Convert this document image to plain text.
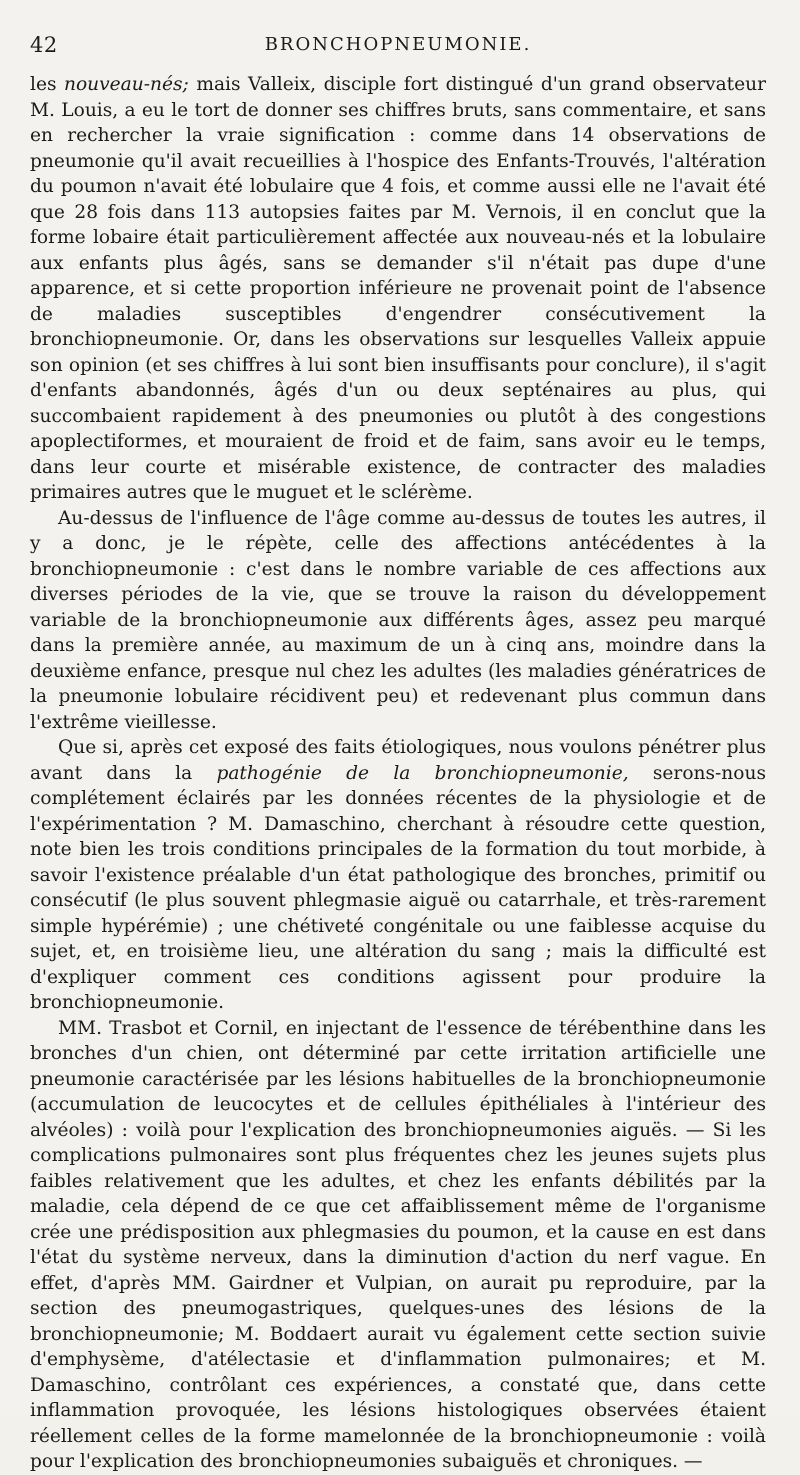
42	BRONCHOPNEUMONIE.

les nouveau-nés; mais Valleix, disciple fort distingué d'un grand observateur M. Louis, a eu le tort de donner ses chiffres bruts, sans commentaire, et sans en rechercher la vraie signification : comme dans 14 observations de pneumonie qu'il avait recueillies à l'hospice des Enfants-Trouvés, l'altération du poumon n'avait été lobulaire que 4 fois, et comme aussi elle ne l'avait été que 28 fois dans 113 autopsies faites par M. Vernois, il en conclut que la forme lobaire était particulièrement affectée aux nouveau-nés et la lobulaire aux enfants plus âgés, sans se demander s'il n'était pas dupe d'une apparence, et si cette proportion inférieure ne provenait point de l'absence de maladies susceptibles d'engendrer consécutivement la bronchiopneumonie. Or, dans les observations sur lesquelles Valleix appuie son opinion (et ses chiffres à lui sont bien insuffisants pour conclure), il s'agit d'enfants abandonnés, âgés d'un ou deux septénaires au plus, qui succombaient rapidement à des pneumonies ou plutôt à des congestions apoplectiformes, et mouraient de froid et de faim, sans avoir eu le temps, dans leur courte et misérable existence, de contracter des maladies primaires autres que le muguet et le sclérème.

Au-dessus de l'influence de l'âge comme au-dessus de toutes les autres, il y a donc, je le répète, celle des affections antécédentes à la bronchiopneumonie : c'est dans le nombre variable de ces affections aux diverses périodes de la vie, que se trouve la raison du développement variable de la bronchiopneumonie aux différents âges, assez peu marqué dans la première année, au maximum de un à cinq ans, moindre dans la deuxième enfance, presque nul chez les adultes (les maladies génératrices de la pneumonie lobulaire récidivent peu) et redevenant plus commun dans l'extrême vieillesse.

Que si, après cet exposé des faits étiologiques, nous voulons pénétrer plus avant dans la pathogénie de la bronchiopneumonie, serons-nous complétement éclairés par les données récentes de la physiologie et de l'expérimentation ? M. Damaschino, cherchant à résoudre cette question, note bien les trois conditions principales de la formation du tout morbide, à savoir l'existence préalable d'un état pathologique des bronches, primitif ou consécutif (le plus souvent phlegmasie aiguë ou catarrhale, et très-rarement simple hypérémie) ; une chétiveté congénitale ou une faiblesse acquise du sujet, et, en troisième lieu, une altération du sang ; mais la difficulté est d'expliquer comment ces conditions agissent pour produire la bronchiopneumonie.

MM. Trasbot et Cornil, en injectant de l'essence de térébenthine dans les bronches d'un chien, ont déterminé par cette irritation artificielle une pneumonie caractérisée par les lésions habituelles de la bronchiopneumonie (accumulation de leucocytes et de cellules épithéliales à l'intérieur des alvéoles) : voilà pour l'explication des bronchiopneumonies aiguës. — Si les complications pulmonaires sont plus fréquentes chez les jeunes sujets plus faibles relativement que les adultes, et chez les enfants débilités par la maladie, cela dépend de ce que cet affaiblissement même de l'organisme crée une prédisposition aux phlegmasies du poumon, et la cause en est dans l'état du système nerveux, dans la diminution d'action du nerf vague. En effet, d'après MM. Gairdner et Vulpian, on aurait pu reproduire, par la section des pneumogastriques, quelques-unes des lésions de la bronchiopneumonie; M. Boddaert aurait vu également cette section suivie d'emphysème, d'atélectasie et d'inflammation pulmonaires; et M. Damaschino, contrôlant ces expériences, a constaté que, dans cette inflammation provoquée, les lésions histologiques observées étaient réellement celles de la forme mamelonnée de la bronchiopneumonie : voilà pour l'explication des bronchiopneumonies subaiguës et chroniques. —
